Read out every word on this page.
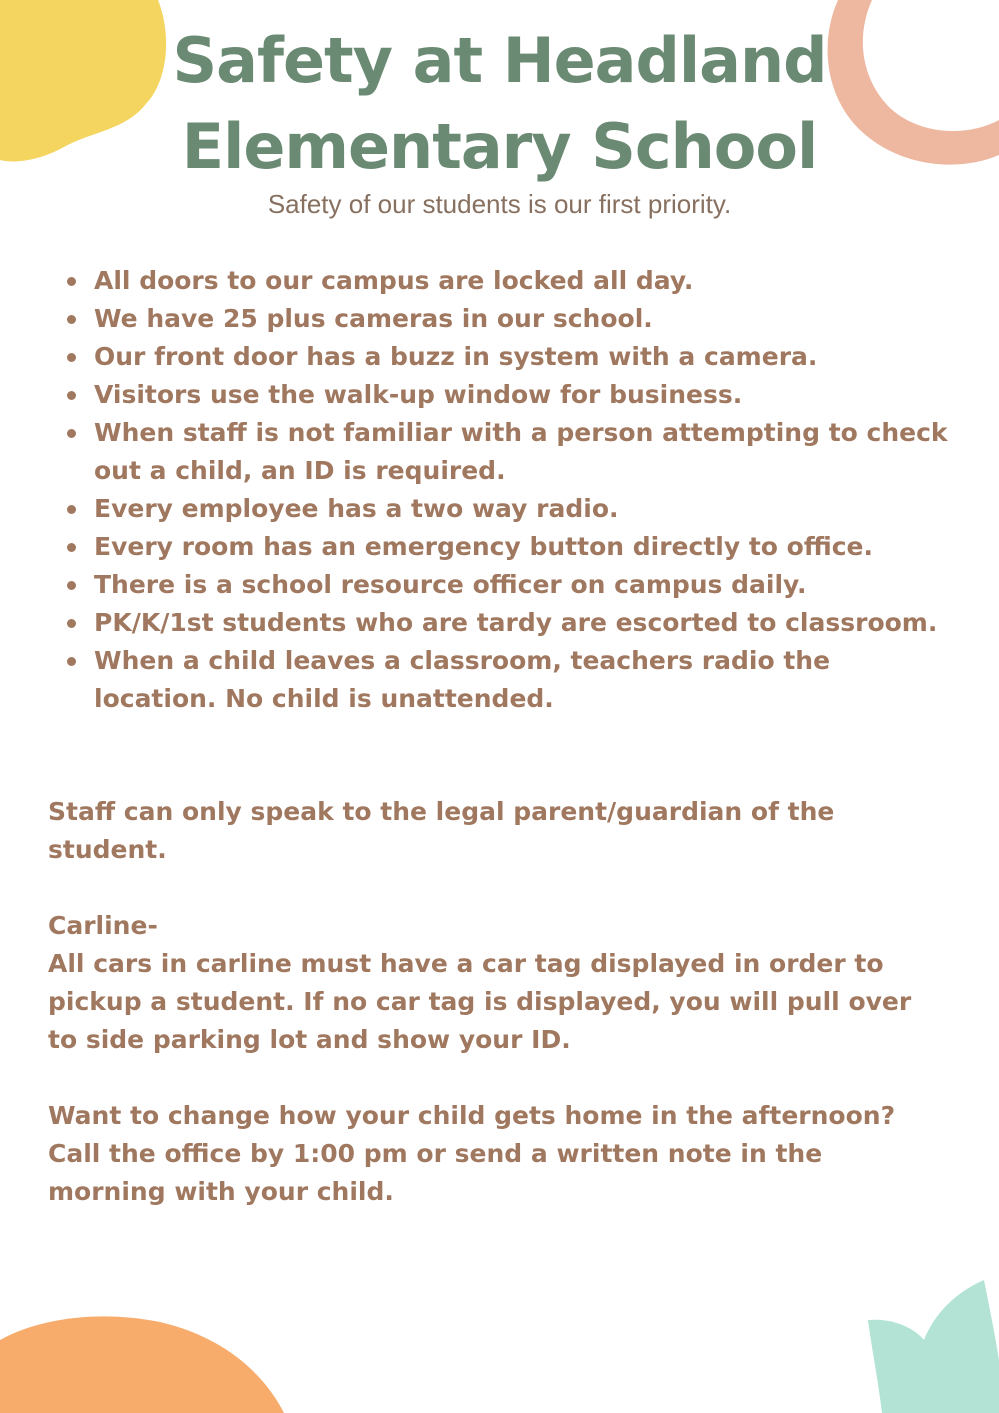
Safety at Headland
Elementary School

Safety of our students is our first priority.

All doors to our campus are locked all day.
We have 25 plus cameras in our school.
Our front door has a buzz in system with a camera.
Visitors use the walk-up window for business.
When staff is not familiar with a person attempting to check
out a child, an ID is required.
Every employee has a two way radio.
Every room has an emergency button directly to office.
There is a school resource officer on campus daily.
PK/K/1st students who are tardy are escorted to classroom.
When a child leaves a classroom, teachers radio the
location. No child is unattended.

Staff can only speak to the legal parent/guardian of the
student.

Carline-
All cars in carline must have a car tag displayed in order to
pickup a student. If no car tag is displayed, you will pull over
to side parking lot and show your ID.

Want to change how your child gets home in the afternoon?
Call the office by 1:00 pm or send a written note in the
morning with your child.
